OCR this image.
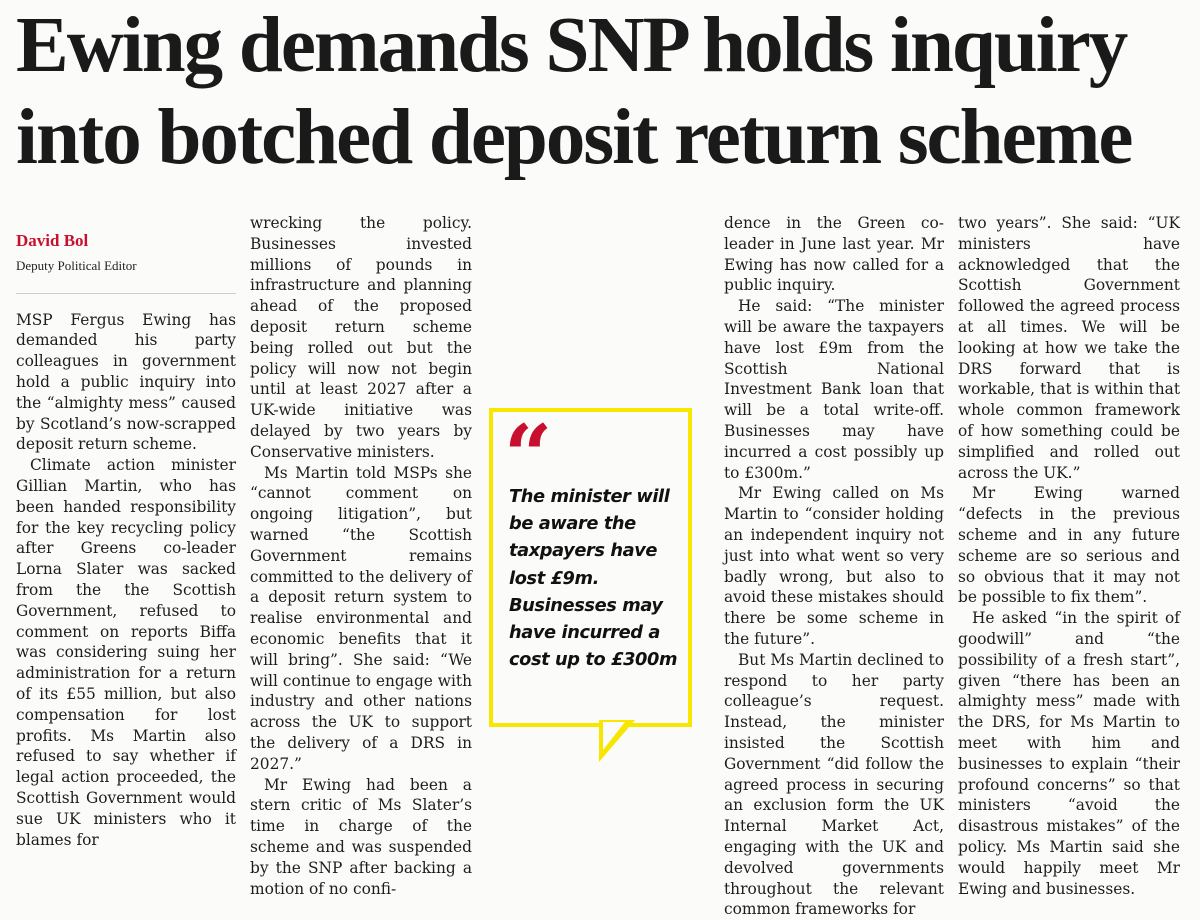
Ewing demands SNP holds inquiry into botched deposit return scheme
David Bol
Deputy Political Editor

MSP Fergus Ewing has demanded his party colleagues in government hold a public inquiry into the “almighty mess” caused by Scotland’s now-scrapped deposit return scheme.

Climate action minister Gillian Martin, who has been handed responsibility for the key recycling policy after Greens co-leader Lorna Slater was sacked from the the Scottish Government, refused to comment on reports Biffa was considering suing her administration for a return of its £55 million, but also compensation for lost profits. Ms Martin also refused to say whether if legal action proceeded, the Scottish Government would sue UK ministers who it blames for

wrecking the policy. Businesses invested millions of pounds in infrastructure and planning ahead of the proposed deposit return scheme being rolled out but the policy will now not begin until at least 2027 after a UK-wide initiative was delayed by two years by Conservative ministers.

Ms Martin told MSPs she “cannot comment on ongoing litigation”, but warned “the Scottish Government remains committed to the delivery of a deposit return system to realise environmental and economic benefits that it will bring”. She said: “We will continue to engage with industry and other nations across the UK to support the delivery of a DRS in 2027.”

Mr Ewing had been a stern critic of Ms Slater’s time in charge of the scheme and was suspended by the SNP after backing a motion of no confi-

“
The minister will be aware the taxpayers have lost £9m. Businesses may have incurred a cost up to £300m

dence in the Green co-leader in June last year. Mr Ewing has now called for a public inquiry.

He said: “The minister will be aware the taxpayers have lost £9m from the Scottish National Investment Bank loan that will be a total write-off. Businesses may have incurred a cost possibly up to £300m.”

Mr Ewing called on Ms Martin to “consider holding an independent inquiry not just into what went so very badly wrong, but also to avoid these mistakes should there be some scheme in the future”.

But Ms Martin declined to respond to her party colleague’s request. Instead, the minister insisted the Scottish Government “did follow the agreed process in securing an exclusion form the UK Internal Market Act, engaging with the UK and devolved governments throughout the relevant common frameworks for

two years”. She said: “UK ministers have acknowledged that the Scottish Government followed the agreed process at all times. We will be looking at how we take the DRS forward that is workable, that is within that whole common framework of how something could be simplified and rolled out across the UK.”

Mr Ewing warned “defects in the previous scheme and in any future scheme are so serious and so obvious that it may not be possible to fix them”.

He asked “in the spirit of goodwill” and “the possibility of a fresh start”, given “there has been an almighty mess” made with the DRS, for Ms Martin to meet with him and businesses to explain “their profound concerns” so that ministers “avoid the disastrous mistakes” of the policy. Ms Martin said she would happily meet Mr Ewing and businesses.
